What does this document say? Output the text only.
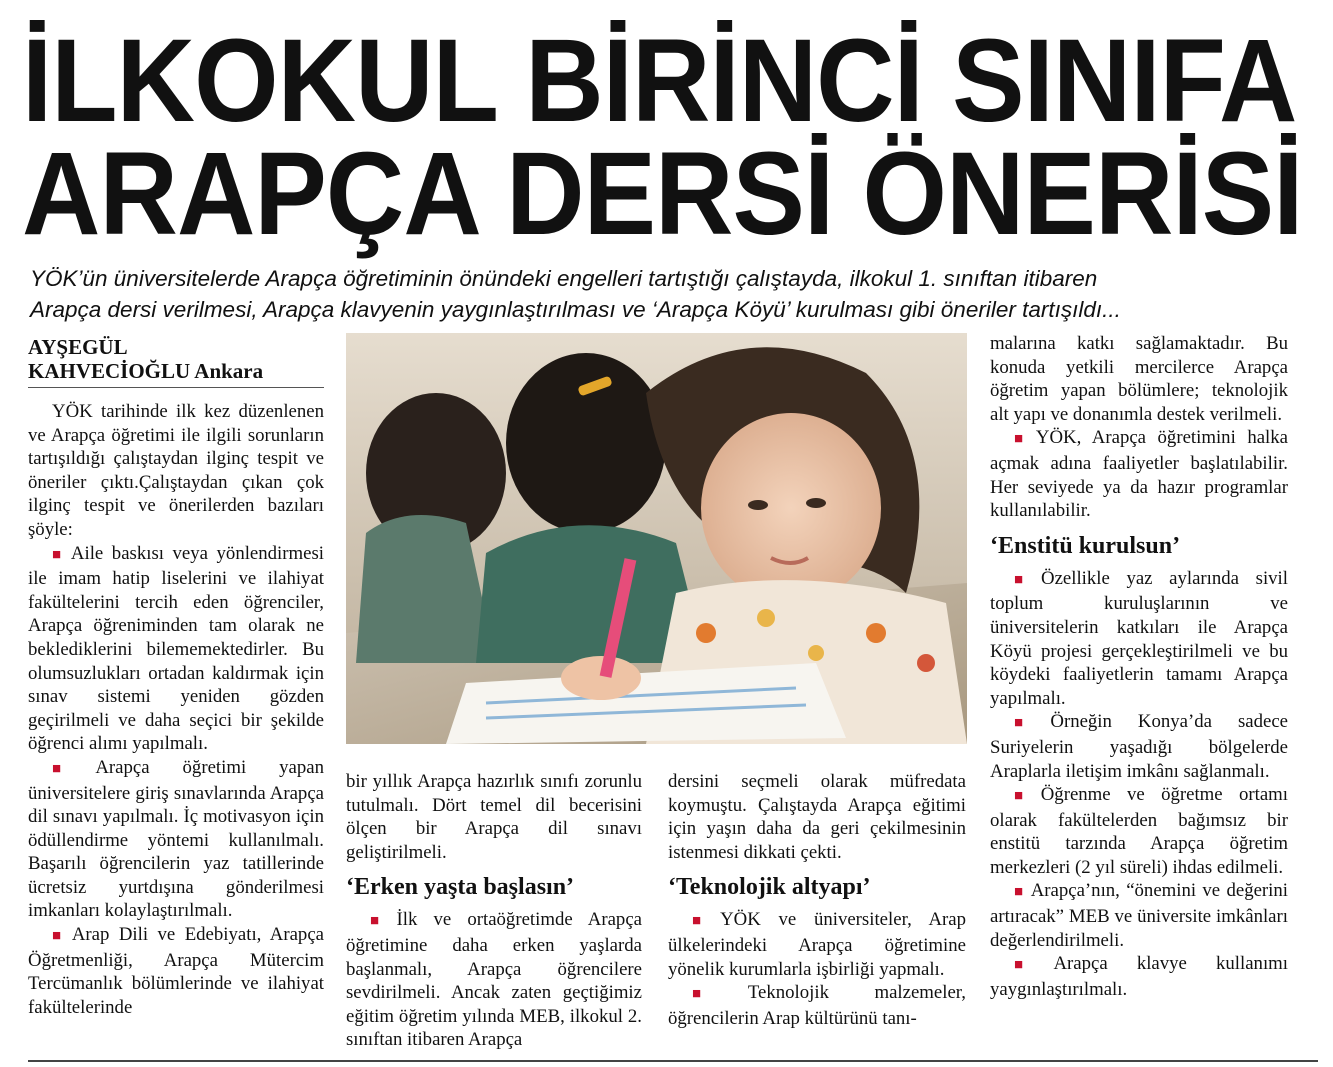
İLKOKUL BİRİNCİ SINIFA
ARAPÇA DERSİ ÖNERİSİ
YÖK’ün üniversitelerde Arapça öğretiminin önündeki engelleri tartıştığı çalıştayda, ilkokul 1. sınıftan itibaren
Arapça dersi verilmesi, Arapça klavyenin yaygınlaştırılması ve ‘Arapça Köyü’ kurulması gibi öneriler tartışıldı...
AYŞEGÜL
KAHVECİOĞLU Ankara

YÖK tarihinde ilk kez düzenlenen ve Arapça öğretimi ile ilgili sorunların tartışıldığı çalıştaydan ilginç tespit ve öneriler çıktı.Çalıştaydan çıkan çok ilginç tespit ve önerilerden bazıları şöyle:

■ Aile baskısı veya yönlendirmesi ile imam hatip liselerini ve ilahiyat fakültelerini tercih eden öğrenciler, Arapça öğreniminden tam olarak ne beklediklerini bilememektedirler. Bu olumsuzlukları ortadan kaldırmak için sınav sistemi yeniden gözden geçirilmeli ve daha seçici bir şekilde öğrenci alımı yapılmalı.

■ Arapça öğretimi yapan üniversitelere giriş sınavlarında Arapça dil sınavı yapılmalı. İç motivasyon için ödüllendirme yöntemi kullanılmalı. Başarılı öğrencilerin yaz tatillerinde ücretsiz yurtdışına gönderilmesi imkanları kolaylaştırılmalı.

■ Arap Dili ve Edebiyatı, Arapça Öğretmenliği, Arapça Mütercim Tercümanlık bölümlerinde ve ilahiyat fakültelerinde

bir yıllık Arapça hazırlık sınıfı zorunlu tutulmalı. Dört temel dil becerisini ölçen bir Arapça dil sınavı geliştirilmeli.

‘Erken yaşta başlasın’

■ İlk ve ortaöğretimde Arapça öğretimine daha erken yaşlarda başlanmalı, Arapça öğrencilere sevdirilmeli. Ancak zaten geçtiğimiz eğitim öğretim yılında MEB, ilkokul 2. sınıftan itibaren Arapça

dersini seçmeli olarak müfredata koymuştu. Çalıştayda Arapça eğitimi için yaşın daha da geri çekilmesinin istenmesi dikkati çekti.

‘Teknolojik altyapı’

■ YÖK ve üniversiteler, Arap ülkelerindeki Arapça öğretimine yönelik kurumlarla işbirliği yapmalı.

■ Teknolojik malzemeler, öğrencilerin Arap kültürünü tanı-

malarına katkı sağlamaktadır. Bu konuda yetkili mercilerce Arapça öğretim yapan bölümlere; teknolojik alt yapı ve donanımla destek verilmeli.

■ YÖK, Arapça öğretimini halka açmak adına faaliyetler başlatılabilir. Her seviyede ya da hazır programlar kullanılabilir.

‘Enstitü kurulsun’

■ Özellikle yaz aylarında sivil toplum kuruluşlarının ve üniversitelerin katkıları ile Arapça Köyü projesi gerçekleştirilmeli ve bu köydeki faaliyetlerin tamamı Arapça yapılmalı.

■ Örneğin Konya’da sadece Suriyelerin yaşadığı bölgelerde Araplarla iletişim imkânı sağlanmalı.

■ Öğrenme ve öğretme ortamı olarak fakültelerden bağımsız bir enstitü tarzında Arapça öğretim merkezleri (2 yıl süreli) ihdas edilmeli.

■ Arapça’nın, “önemini ve değerini artıracak” MEB ve üniversite imkânları değerlendirilmeli.

■ Arapça klavye kullanımı yaygınlaştırılmalı.
